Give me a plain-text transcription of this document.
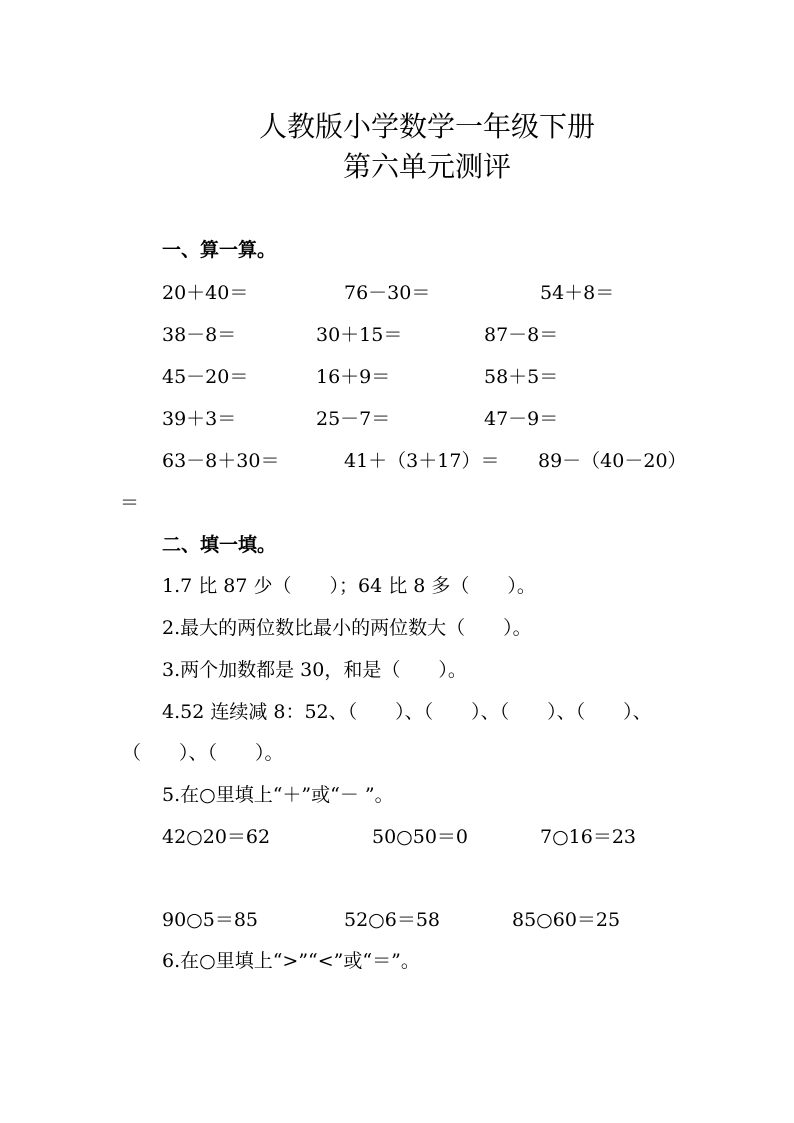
人教版小学数学一年级下册
第六单元测评
一、算一算。
20＋40＝	76－30＝	54＋8＝
38－8＝	30＋15＝	87－8＝
45－20＝	16＋9＝	58＋5＝
39＋3＝	25－7＝	47－9＝
63－8＋30＝	41＋（3＋17）＝ 89－（40－20）
＝
二、填一填。
1.7 比 87 少（　　）；64 比 8 多（　　）。
2.最大的两位数比最小的两位数大（　　）。
3.两个加数都是 30，和是（　　）。
4.52 连续减 8：52、（　　）、（　　）、（　　）、（　　）、
（　　）、（　　）。
5.在○里填上“＋”或“－ ”。
42○20＝62	50○50＝0	7○16＝23
90○5＝85	52○6＝58	85○60＝25
6.在○里填上“>”“<”或“＝”。
